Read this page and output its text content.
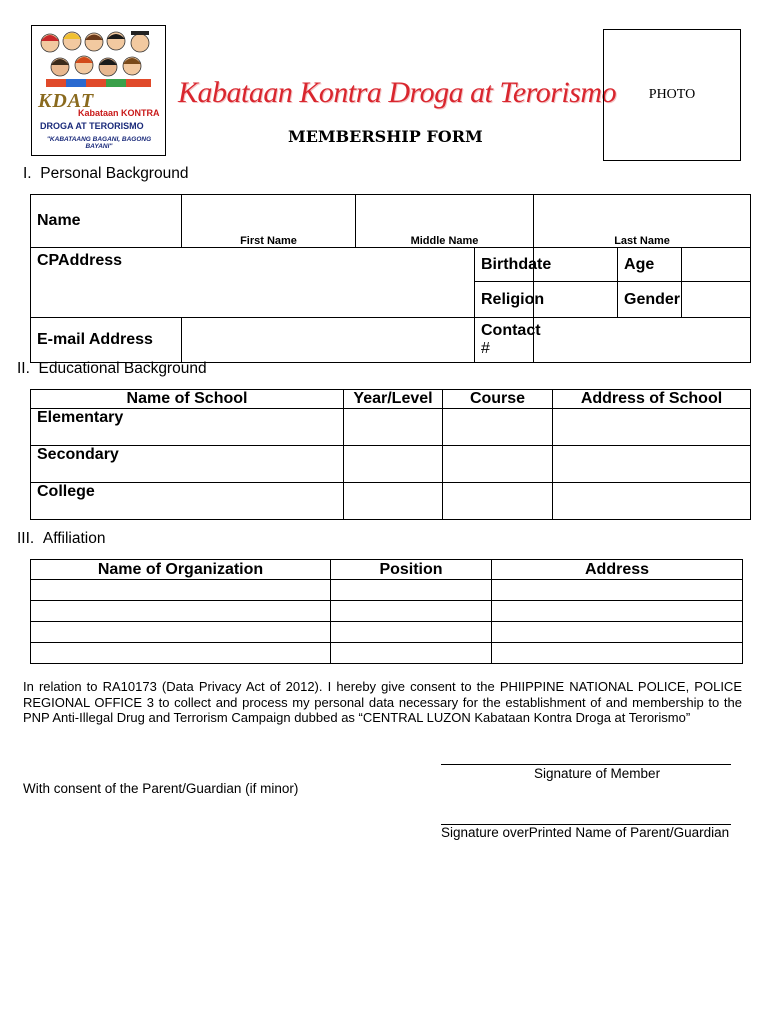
KDAT
Kabataan KONTRA
DROGA AT TERORISMO
"KABATAANG BAGANI, BAGONG BAYANI"
Kabataan Kontra Droga at Terorismo
MEMBERSHIP FORM
PHOTO
I. Personal Background
Name	First Name	Middle Name		Last Name		
CPAddress			Birthdate		Age	
			Religion		Gender	
E-mail Address			Contact #			
II. Educational Background
Name of School	Year/Level	Course	Address of School
Elementary			
Secondary			
College			
III. Affiliation
Name of Organization	Position	Address

In relation to RA10173 (Data Privacy Act of 2012). I hereby give consent to the PHIIPPINE NATIONAL POLICE, POLICE REGIONAL OFFICE 3 to collect and process my personal data necessary for the establishment of and membership to the PNP Anti-Illegal Drug and Terrorism Campaign dubbed as “CENTRAL LUZON Kabataan Kontra Droga at Terorismo”
Signature of Member
With consent of the Parent/Guardian (if minor)
Signature overPrinted Name of Parent/Guardian
